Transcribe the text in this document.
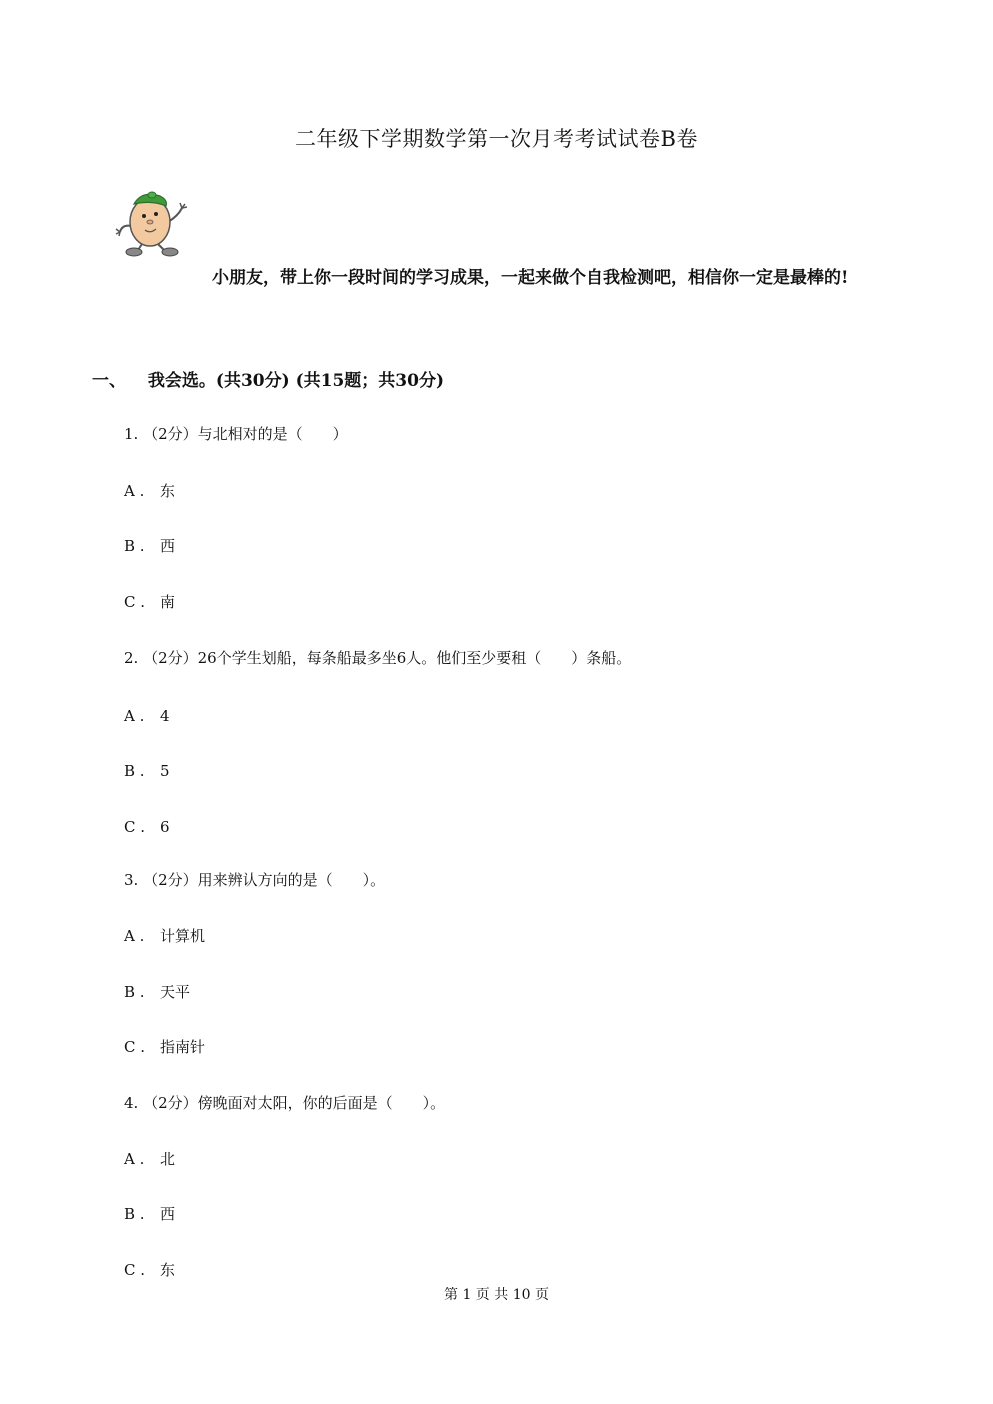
二年级下学期数学第一次月考考试试卷B卷

小朋友，带上你一段时间的学习成果，一起来做个自我检测吧，相信你一定是最棒的!

一、 我会选。(共30分) (共15题；共30分)
1. （2分）与北相对的是（　　）
A . 东
B . 西
C . 南
2. （2分）26个学生划船，每条船最多坐6人。他们至少要租（　　）条船。
A . 4
B . 5
C . 6
3. （2分）用来辨认方向的是（　　）。
A . 计算机
B . 天平
C . 指南针
4. （2分）傍晚面对太阳，你的后面是（　　）。
A . 北
B . 西
C . 东
第 1 页 共 10 页
